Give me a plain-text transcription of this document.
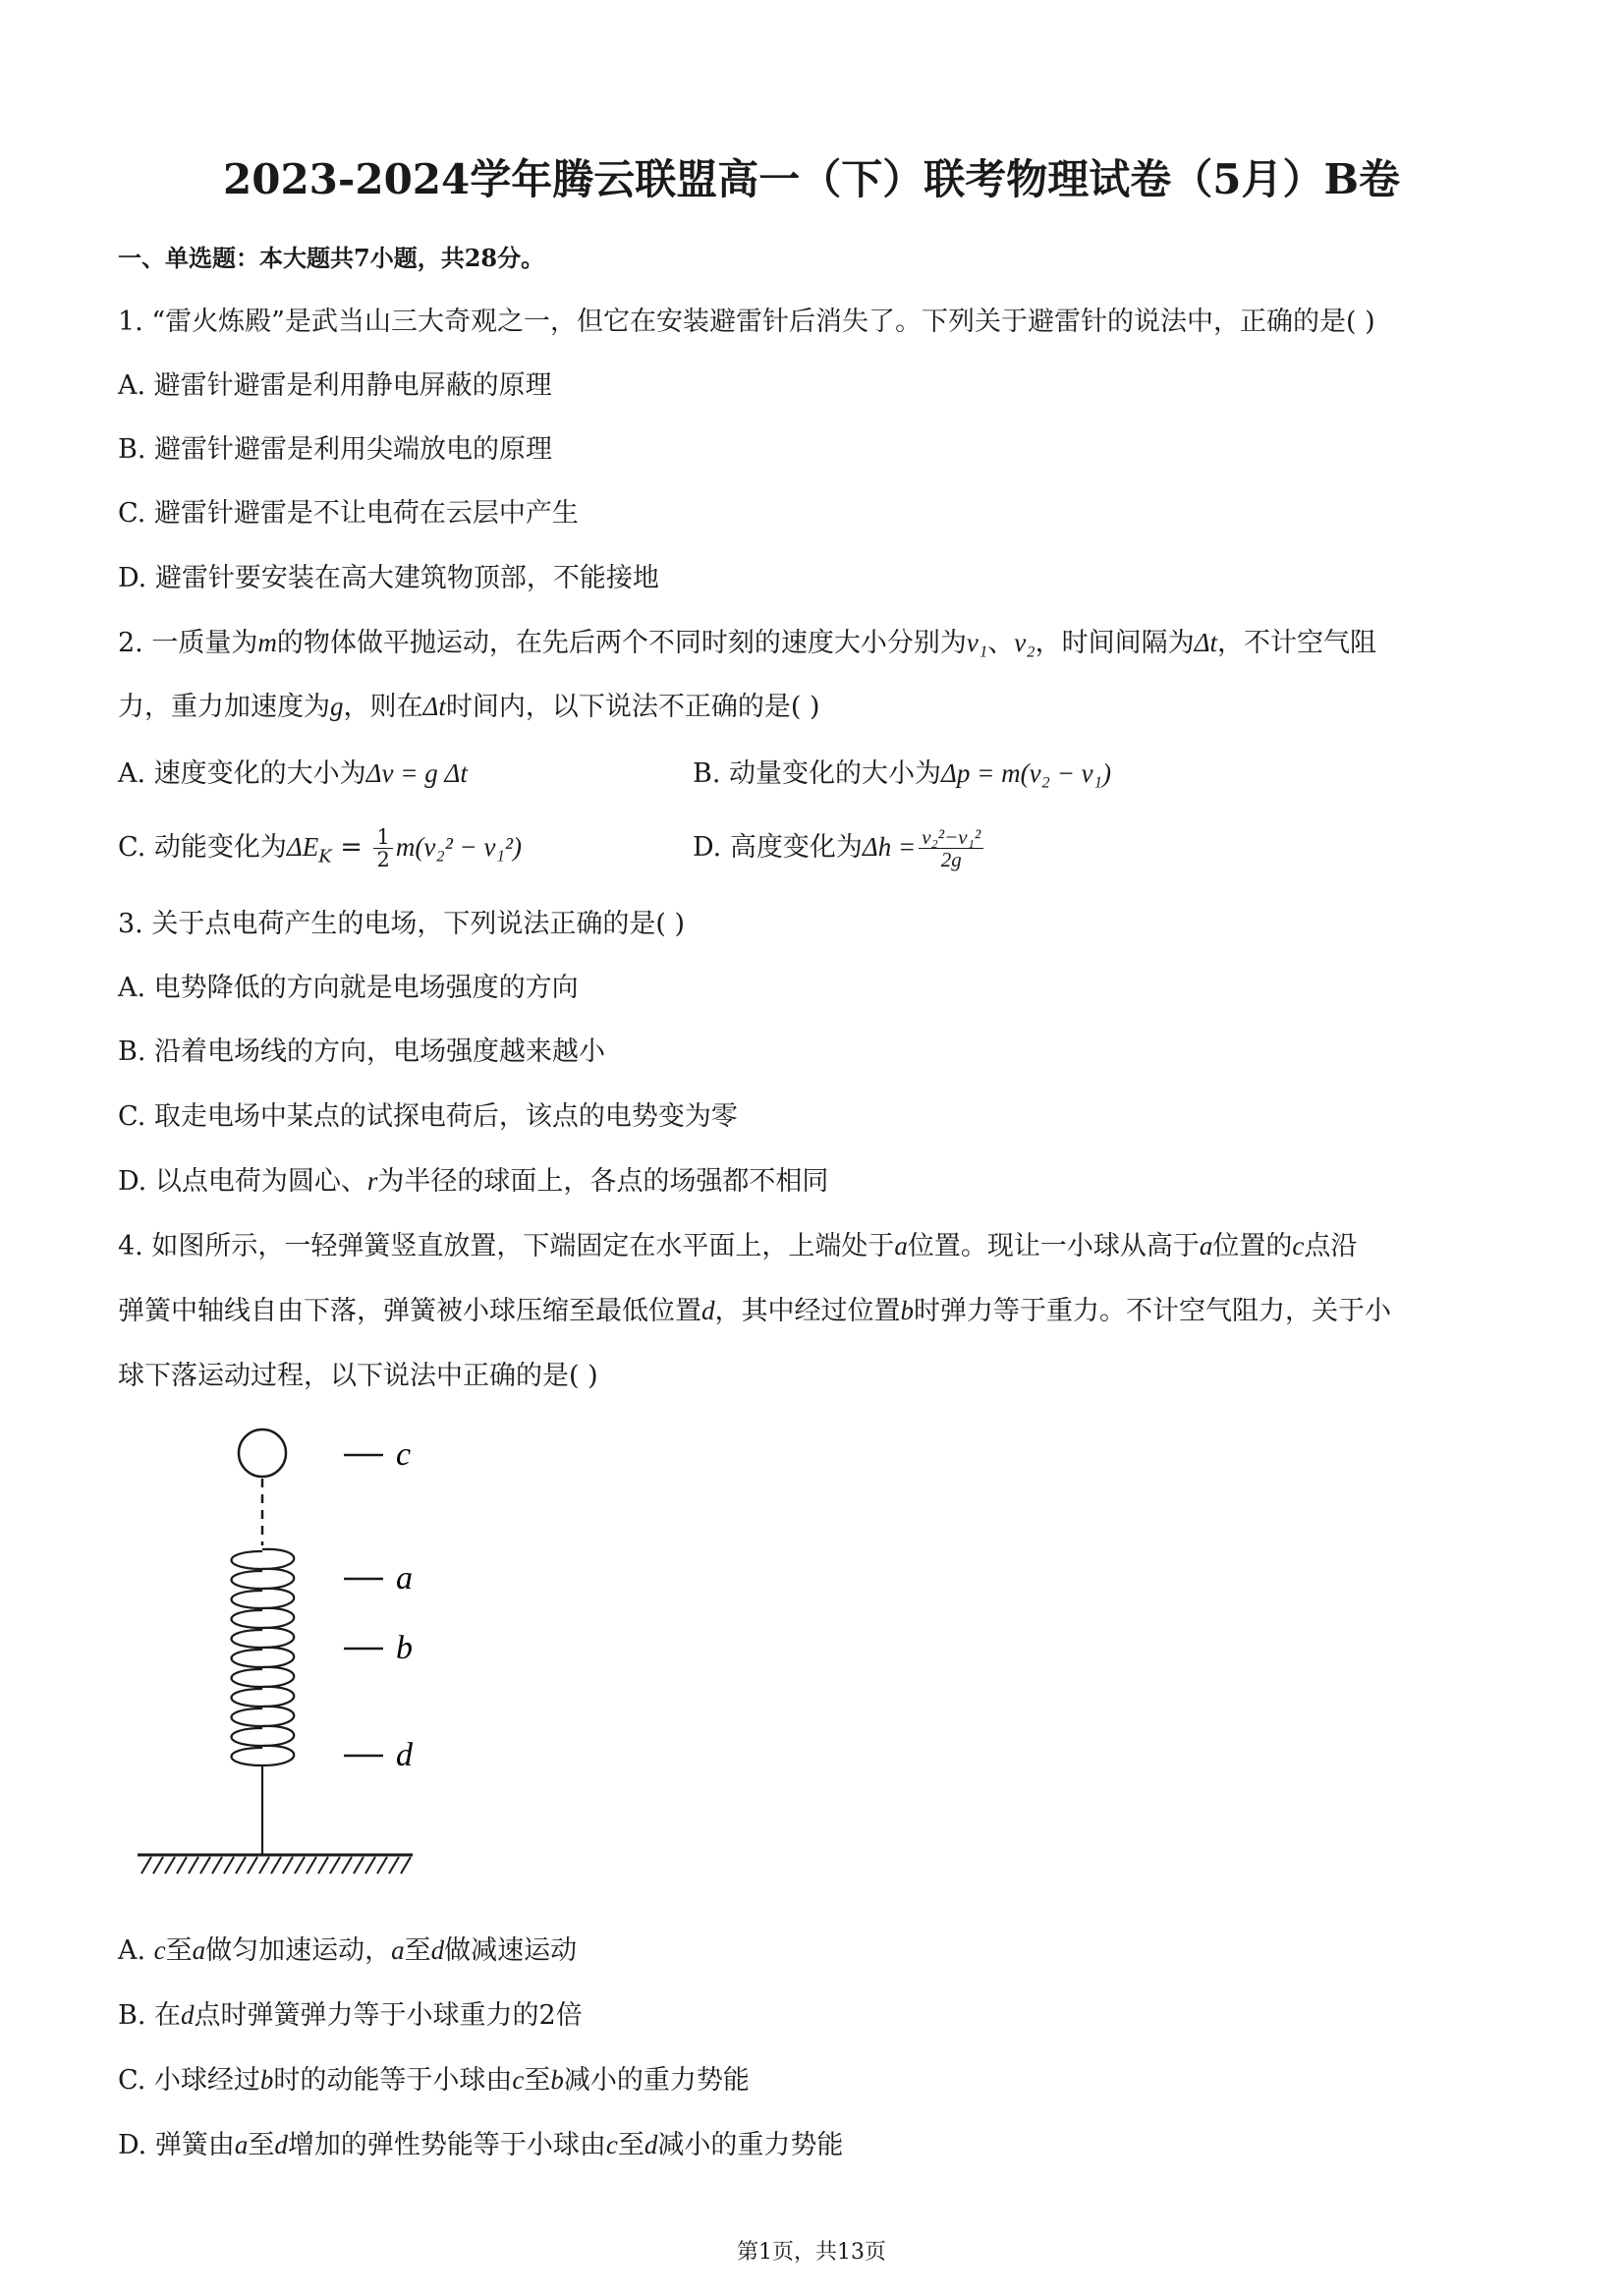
2023-2024学年腾云联盟高一（下）联考物理试卷（5月）B卷
一、单选题：本大题共7小题，共28分。
1. “雷火炼殿”是武当山三大奇观之一，但它在安装避雷针后消失了。下列关于避雷针的说法中，正确的是( )
A. 避雷针避雷是利用静电屏蔽的原理
B. 避雷针避雷是利用尖端放电的原理
C. 避雷针避雷是不让电荷在云层中产生
D. 避雷针要安装在高大建筑物顶部，不能接地
2. 一质量为m的物体做平抛运动，在先后两个不同时刻的速度大小分别为v₁、v₂，时间间隔为Δt，不计空气阻
力，重力加速度为g，则在Δt时间内，以下说法不正确的是( )
A. 速度变化的大小为Δv = g Δt	B. 动量变化的大小为Δp = m(v₂ − v₁)
C. 动能变化为$\Delta E_K = \frac{1}{2} m(v_2^2 - v_1^2)$	D. 高度变化为$\Delta h = \frac{\text{v₂²−v₁²}}{2g}$
3. 关于点电荷产生的电场，下列说法正确的是( )
A. 电势降低的方向就是电场强度的方向
B. 沿着电场线的方向，电场强度越来越小
C. 取走电场中某点的试探电荷后，该点的电势变为零
D. 以点电荷为圆心、r为半径的球面上，各点的场强都不相同
4. 如图所示，一轻弹簧竖直放置，下端固定在水平面上，上端处于a位置。现让一小球从高于a位置的c点沿
弹簧中轴线自由下落，弹簧被小球压缩至最低位置d，其中经过位置b时弹力等于重力。不计空气阻力，关于小
球下落运动过程，以下说法中正确的是( )
c
a
b
d
A. c至a做匀加速运动，a至d做减速运动
B. 在d点时弹簧弹力等于小球重力的2倍
C. 小球经过b时的动能等于小球由c至b减小的重力势能
D. 弹簧由a至d增加的弹性势能等于小球由c至d减小的重力势能
第1页，共13页
